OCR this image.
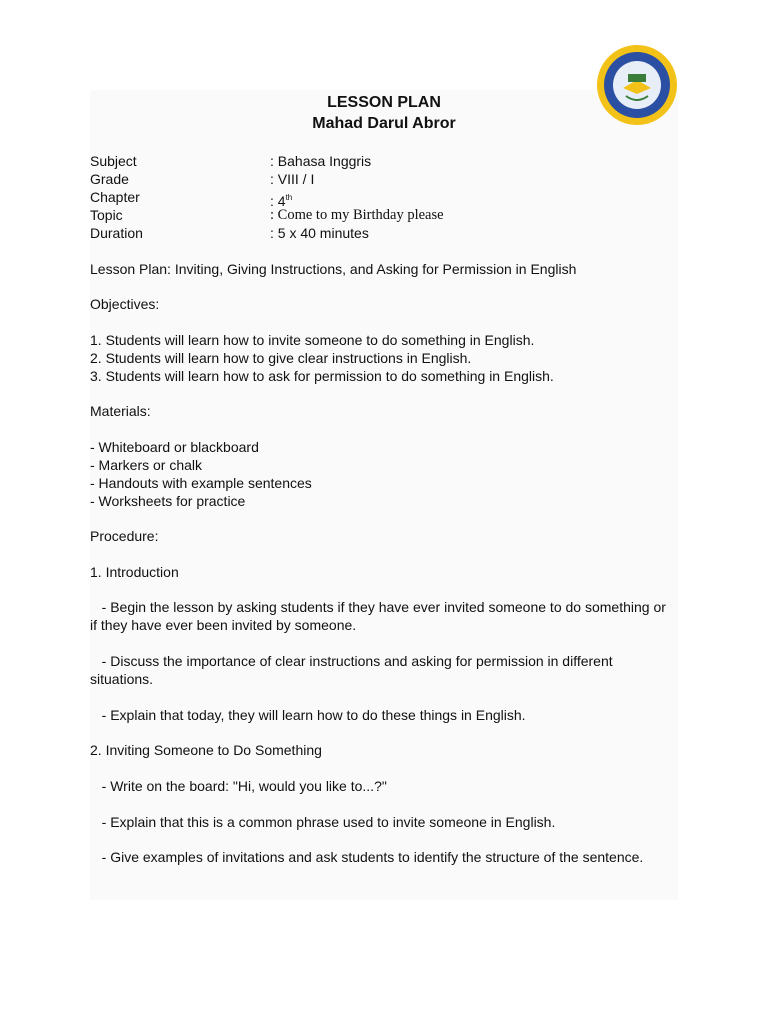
LESSON PLAN
Mahad Darul Abror
Subject	: Bahasa Inggris
Grade	: VIII / I
Chapter	: 4th
Topic	: Come to my Birthday please
Duration	: 5 x 40 minutes
Lesson Plan: Inviting, Giving Instructions, and Asking for Permission in English
Objectives:
1. Students will learn how to invite someone to do something in English.
2. Students will learn how to give clear instructions in English.
3. Students will learn how to ask for permission to do something in English.
Materials:
- Whiteboard or blackboard
- Markers or chalk
- Handouts with example sentences
- Worksheets for practice
Procedure:
1. Introduction
- Begin the lesson by asking students if they have ever invited someone to do something or if they have ever been invited by someone.
- Discuss the importance of clear instructions and asking for permission in different situations.
- Explain that today, they will learn how to do these things in English.
2. Inviting Someone to Do Something
- Write on the board: "Hi, would you like to...?"
- Explain that this is a common phrase used to invite someone in English.
- Give examples of invitations and ask students to identify the structure of the sentence.
